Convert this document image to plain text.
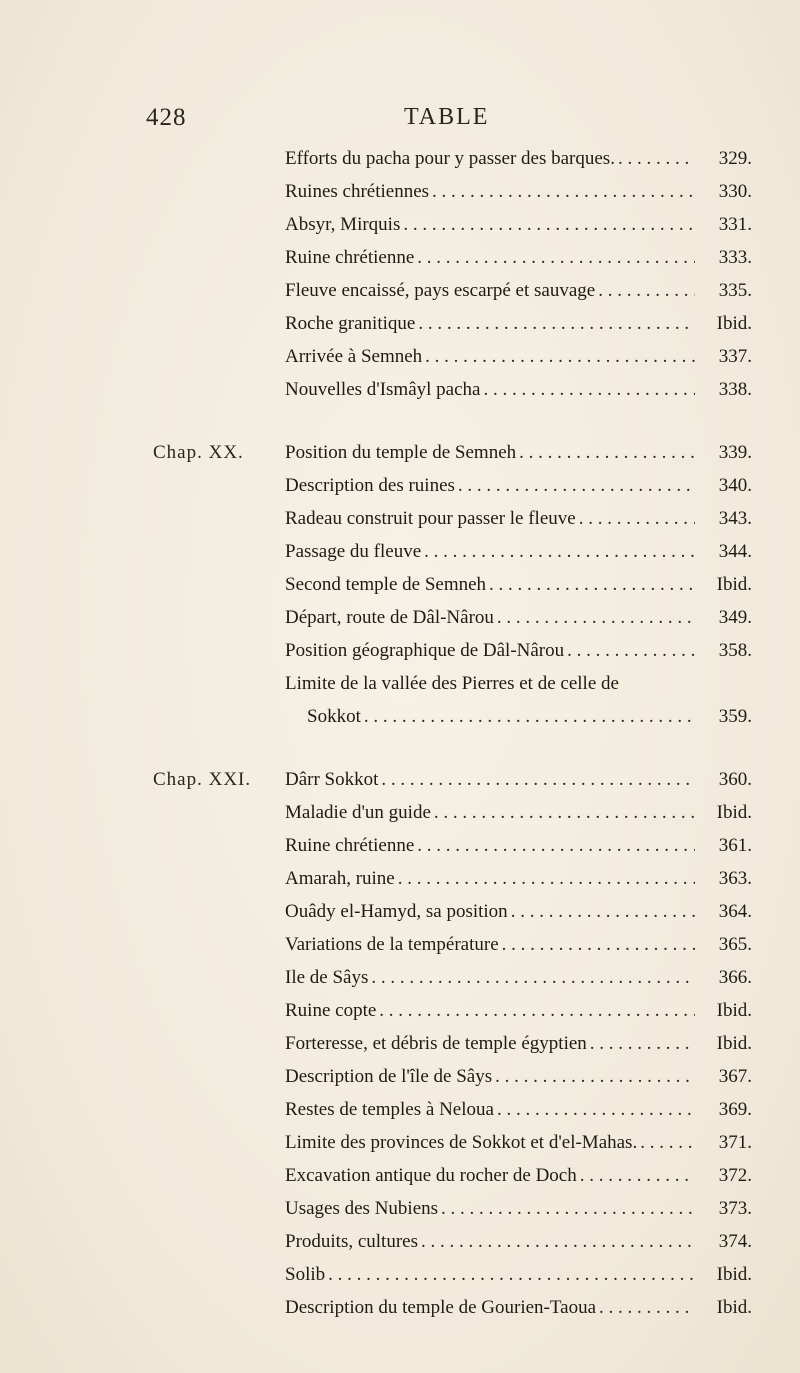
428	TABLE
Efforts du pacha pour y passer des barques. . . .	329.
Ruines chrétiennes . . .	330.
Absyr, Mirquis . . .	331.
Ruine chrétienne . . .	333.
Fleuve encaissé, pays escarpé et sauvage . . .	335.
Roche granitique . . .	Ibid.
Arrivée à Semneh . . .	337.
Nouvelles d'Ismâyl pacha . . .	338.
Chap. XX. Position du temple de Semneh . . .	339.
Description des ruines . . .	340.
Radeau construit pour passer le fleuve . . .	343.
Passage du fleuve . . .	344.
Second temple de Semneh . . .	Ibid.
Départ, route de Dâl-Nârou . . .	349.
Position géographique de Dâl-Nârou . . .	358.
Limite de la vallée des Pierres et de celle de
Sokkot . . .	359.
Chap. XXI. Dârr Sokkot . . .	360.
Maladie d'un guide . . .	Ibid.
Ruine chrétienne . . .	361.
Amarah, ruine . . .	363.
Ouâdy el-Hamyd, sa position . . .	364.
Variations de la température . . .	365.
Ile de Sâys . . .	366.
Ruine copte . . .	Ibid.
Forteresse, et débris de temple égyptien . . .	Ibid.
Description de l'île de Sâys . . .	367.
Restes de temples à Neloua . . .	369.
Limite des provinces de Sokkot et d'el-Mahas. . . .	371.
Excavation antique du rocher de Doch . . .	372.
Usages des Nubiens . . .	373.
Produits, cultures . . .	374.
Solib . . .	Ibid.
Description du temple de Gourien-Taoua . . .	Ibid.
